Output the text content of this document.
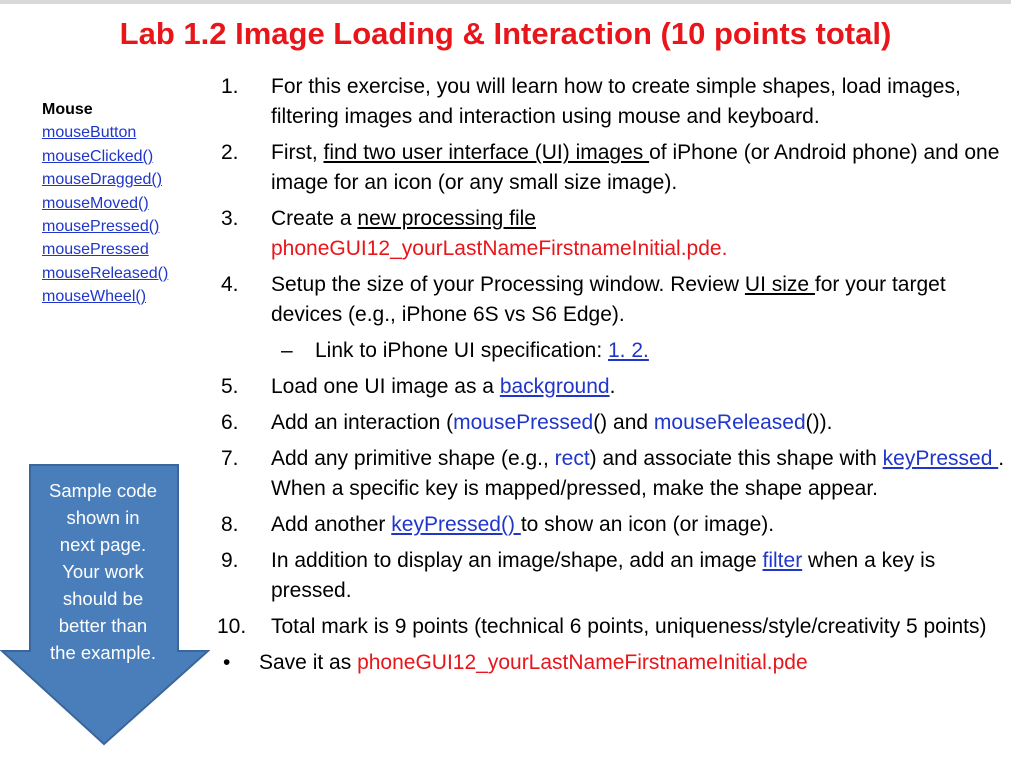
Lab 1.2 Image Loading & Interaction (10 points total)
Mouse
mouseButton
mouseClicked()
mouseDragged()
mouseMoved()
mousePressed()
mousePressed
mouseReleased()
mouseWheel()
Sample code
shown in
next page.
Your work
should be
better than
the example.
1. For this exercise, you will learn how to create simple shapes, load images, filtering images and interaction using mouse and keyboard.
2. First, find two user interface (UI) images of iPhone (or Android phone) and one image for an icon (or any small size image).
3. Create a new processing file
phoneGUI12_yourLastNameFirstnameInitial.pde.
4. Setup the size of your Processing window. Review UI size for your target devices (e.g., iPhone 6S vs S6 Edge).
– Link to iPhone UI specification: 1. 2.
5. Load one UI image as a background.
6. Add an interaction (mousePressed() and mouseReleased()).
7. Add any primitive shape (e.g., rect) and associate this shape with keyPressed . When a specific key is mapped/pressed, make the shape appear.
8. Add another keyPressed() to show an icon (or image).
9. In addition to display an image/shape, add an image filter when a key is pressed.
10. Total mark is 9 points (technical 6 points, uniqueness/style/creativity 5 points)
• Save it as phoneGUI12_yourLastNameFirstnameInitial.pde
